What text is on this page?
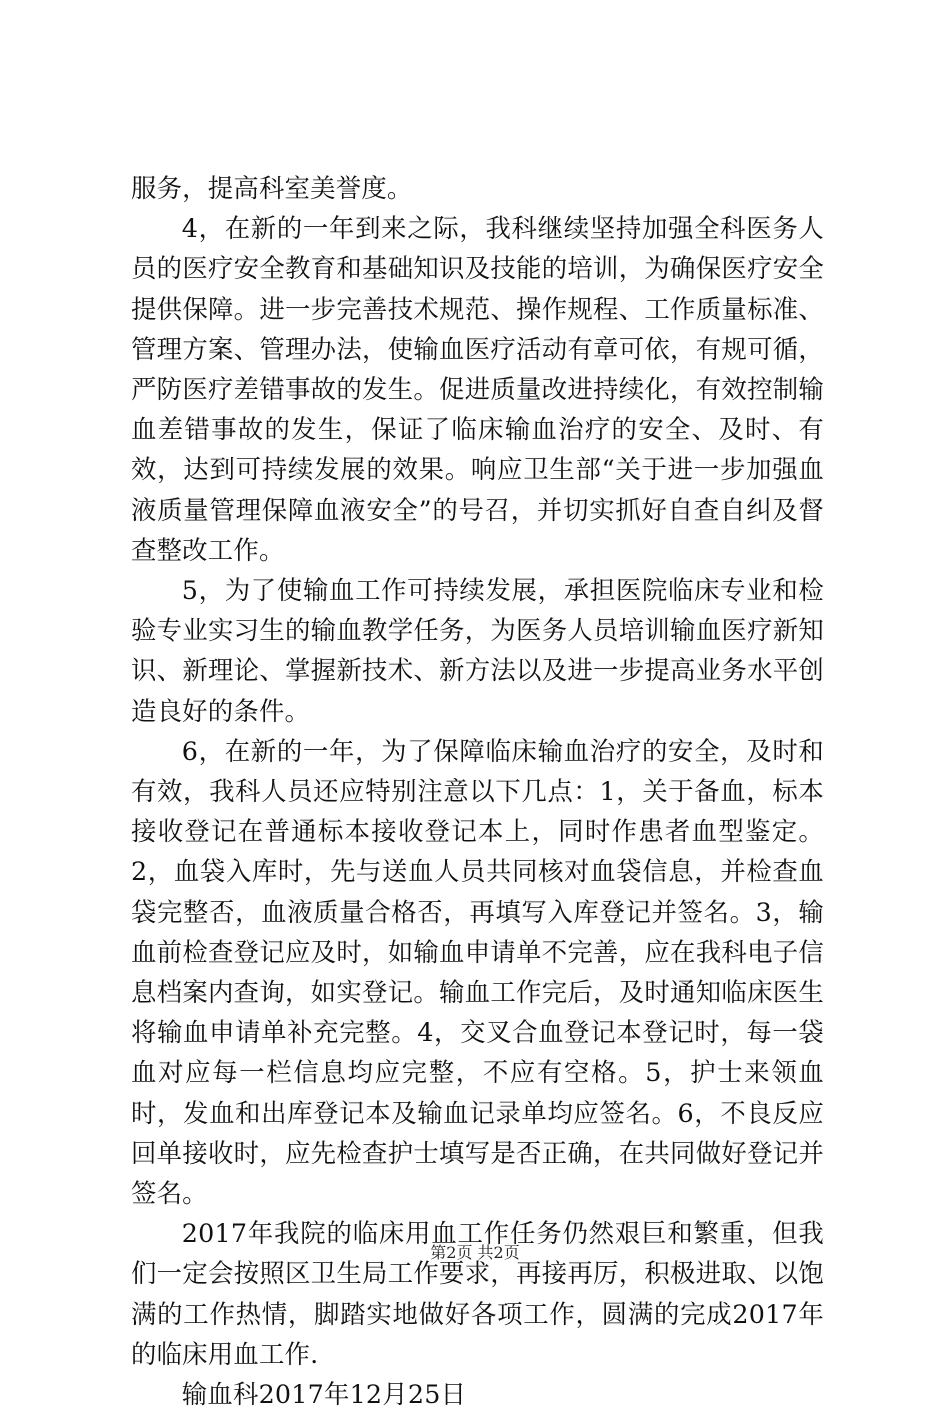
服务，提高科室美誉度。

4，在新的一年到来之际，我科继续坚持加强全科医务人员的医疗安全教育和基础知识及技能的培训，为确保医疗安全提供保障。进一步完善技术规范、操作规程、工作质量标准、管理方案、管理办法，使输血医疗活动有章可依，有规可循，严防医疗差错事故的发生。促进质量改进持续化，有效控制输血差错事故的发生，保证了临床输血治疗的安全、及时、有效，达到可持续发展的效果。响应卫生部“关于进一步加强血液质量管理保障血液安全”的号召，并切实抓好自查自纠及督查整改工作。

5，为了使输血工作可持续发展，承担医院临床专业和检验专业实习生的输血教学任务，为医务人员培训输血医疗新知识、新理论、掌握新技术、新方法以及进一步提高业务水平创造良好的条件。

6，在新的一年，为了保障临床输血治疗的安全，及时和有效，我科人员还应特别注意以下几点：1，关于备血，标本接收登记在普通标本接收登记本上，同时作患者血型鉴定。2，血袋入库时，先与送血人员共同核对血袋信息，并检查血袋完整否，血液质量合格否，再填写入库登记并签名。3，输血前检查登记应及时，如输血申请单不完善，应在我科电子信息档案内查询，如实登记。输血工作完后，及时通知临床医生将输血申请单补充完整。4，交叉合血登记本登记时，每一袋血对应每一栏信息均应完整，不应有空格。5，护士来领血时，发血和出库登记本及输血记录单均应签名。6，不良反应回单接收时，应先检查护士填写是否正确，在共同做好登记并签名。

2017年我院的临床用血工作任务仍然艰巨和繁重，但我们一定会按照区卫生局工作要求，再接再厉，积极进取、以饱满的工作热情，脚踏实地做好各项工作，圆满的完成2017年的临床用血工作.

输血科2017年12月25日

第2页 共2页
